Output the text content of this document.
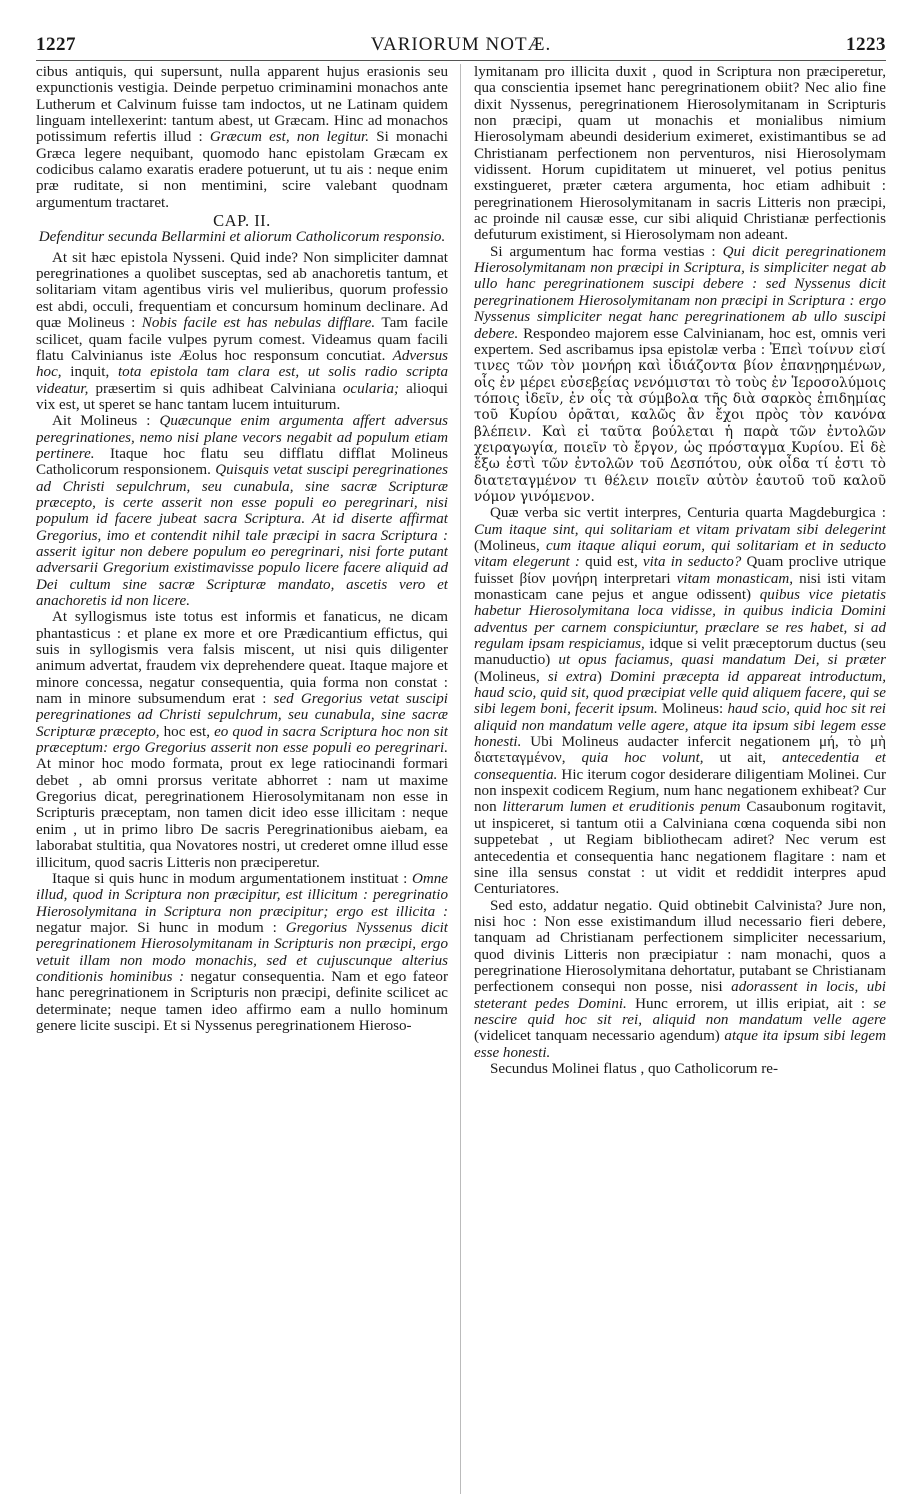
1227	VARIORUM NOTÆ.	1223

cibus antiquis, qui supersunt, nulla apparent hujus erasionis seu expunctionis vestigia. Deinde perpetuo criminamini monachos ante Lutherum et Calvinum fuisse tam indoctos, ut ne Latinam quidem linguam intellexerint: tantum abest, ut Græcam. Hinc ad monachos potissimum refertis illud : Græcum est, non legitur. Si monachi Græca legere nequibant, quomodo hanc epistolam Græcam ex codicibus calamo exaratis eradere potuerunt, ut tu ais : neque enim præ ruditate, si non mentimini, scire valebant quodnam argumentum tractaret.

CAP. II.
Defenditur secunda Bellarmini et aliorum Catholicorum responsio.

At sit hæc epistola Nysseni. Quid inde? Non simpliciter damnat peregrinationes a quolibet susceptas, sed ab anachoretis tantum, et solitariam vitam agentibus viris vel mulieribus, quorum professio est abdi, occuli, frequentiam et concursum hominum declinare. Ad quæ Molineus : Nobis facile est has nebulas difflare. Tam facile scilicet, quam facile vulpes pyrum comest. Videamus quam facili flatu Calvinianus iste Æolus hoc responsum concutiat. Adversus hoc, inquit, tota epistola tam clara est, ut solis radio scripta videatur, præsertim si quis adhibeat Calviniana ocularia; alioqui vix est, ut speret se hanc tantam lucem intuiturum.

Ait Molineus : Quæcunque enim argumenta affert adversus peregrinationes, nemo nisi plane vecors negabit ad populum etiam pertinere. Itaque hoc flatu seu difflatu difflat Molineus Catholicorum responsionem. Quisquis vetat suscipi peregrinationes ad Christi sepulchrum, seu cunabula, sine sacræ Scripturæ præcepto, is certe asserit non esse populi eo peregrinari, nisi populum id facere jubeat sacra Scriptura. At id diserte affirmat Gregorius, imo et contendit nihil tale præcipi in sacra Scriptura : asserit igitur non debere populum eo peregrinari, nisi forte putant adversarii Gregorium existimavisse populo licere facere aliquid ad Dei cultum sine sacræ Scripturæ mandato, ascetis vero et anachoretis id non licere.

At syllogismus iste totus est informis et fanaticus, ne dicam phantasticus : et plane ex more et ore Prædicantium effictus, qui suis in syllogismis vera falsis miscent, ut nisi quis diligenter animum advertat, fraudem vix deprehendere queat. Itaque majore et minore concessa, negatur consequentia, quia forma non constat : nam in minore subsumendum erat : sed Gregorius vetat suscipi peregrinationes ad Christi sepulchrum, seu cunabula, sine sacræ Scripturæ præcepto, hoc est, eo quod in sacra Scriptura hoc non sit præceptum: ergo Gregorius asserit non esse populi eo peregrinari. At minor hoc modo formata, prout ex lege ratiocinandi formari debet , ab omni prorsus veritate abhorret : nam ut maxime Gregorius dicat, peregrinationem Hierosolymitanam non esse in Scripturis præceptam, non tamen dicit ideo esse illicitam : neque enim , ut in primo libro De sacris Peregrinationibus aiebam, ea laborabat stultitia, qua Novatores nostri, ut crederet omne illud esse illicitum, quod sacris Litteris non præciperetur.

Itaque si quis hunc in modum argumentationem instituat : Omne illud, quod in Scriptura non præcipitur, est illicitum : peregrinatio Hierosolymitana in Scriptura non præcipitur; ergo est illicita : negatur major. Si hunc in modum : Gregorius Nyssenus dicit peregrinationem Hierosolymitanam in Scripturis non præcipi, ergo vetuit illam non modo monachis, sed et cujuscunque alterius conditionis hominibus : negatur consequentia. Nam et ego fateor hanc peregrinationem in Scripturis non præcipi, definite scilicet ac determinate; neque tamen ideo affirmo eam a nullo hominum genere licite suscipi. Et si Nyssenus peregrinationem Hieroso-

lymitanam pro illicita duxit , quod in Scriptura non præciperetur, qua conscientia ipsemet hanc peregrinationem obiit? Nec alio fine dixit Nyssenus, peregrinationem Hierosolymitanam in Scripturis non præcipi, quam ut monachis et monialibus nimium Hierosolymam abeundi desiderium eximeret, existimantibus se ad Christianam perfectionem non perventuros, nisi Hierosolymam vidissent. Horum cupiditatem ut minueret, vel potius penitus exstingueret, præter cætera argumenta, hoc etiam adhibuit : peregrinationem Hierosolymitanam in sacris Litteris non præcipi, ac proinde nil causæ esse, cur sibi aliquid Christianæ perfectionis defuturum existiment, si Hierosolymam non adeant.

Si argumentum hac forma vestias : Qui dicit peregrinationem Hierosolymitanam non præcipi in Scriptura, is simpliciter negat ab ullo hanc peregrinationem suscipi debere : sed Nyssenus dicit peregrinationem Hierosolymitanam non præcipi in Scriptura : ergo Nyssenus simpliciter negat hanc peregrinationem ab ullo suscipi debere. Respondeo majorem esse Calvinianam, hoc est, omnis veri expertem. Sed ascribamus ipsa epistolæ verba : Ἐπεὶ τοίνυν εἰσί τινες τῶν τὸν μονήρη καὶ ἰδιάζοντα βίον ἐπανῃρημένων, οἷς ἐν μέρει εὐσεβείας νενόμισται τὸ τοὺς ἐν Ἱεροσολύμοις τόποις ἰδεῖν, ἐν οἷς τὰ σύμβολα τῆς διὰ σαρκὸς ἐπιδημίας τοῦ Κυρίου ὁρᾶται, καλῶς ἂν ἔχοι πρὸς τὸν κανόνα βλέπειν. Καὶ εἰ ταῦτα βούλεται ἡ παρὰ τῶν ἐντολῶν χειραγωγία, ποιεῖν τὸ ἔργον, ὡς πρόσταγμα Κυρίου. Εἰ δὲ ἔξω ἐστὶ τῶν ἐντολῶν τοῦ Δεσπότου, οὐκ οἶδα τί ἐστι τὸ διατεταγμένον τι θέλειν ποιεῖν αὐτὸν ἑαυτοῦ τοῦ καλοῦ νόμον γινόμενον.

Quæ verba sic vertit interpres, Centuria quarta Magdeburgica : Cum itaque sint, qui solitariam et vitam privatam sibi delegerint (Molineus, cum itaque aliqui eorum, qui solitariam et in seducto vitam elegerunt : quid est, vita in seducto? Quam proclive utrique fuisset βίον μονήρη interpretari vitam monasticam, nisi isti vitam monasticam cane pejus et angue odissent) quibus vice pietatis habetur Hierosolymitana loca vidisse, in quibus indicia Domini adventus per carnem conspiciuntur, præclare se res habet, si ad regulam ipsam respiciamus, idque si velit præceptorum ductus (seu manuductio) ut opus faciamus, quasi mandatum Dei, si præter (Molineus, si extra) Domini præcepta id appareat introductum, haud scio, quid sit, quod præcipiat velle quid aliquem facere, qui se sibi legem boni, fecerit ipsum. Molineus: haud scio, quid hoc sit rei aliquid non mandatum velle agere, atque ita ipsum sibi legem esse honesti. Ubi Molineus audacter infercit negationem μή, τὸ μὴ διατεταγμένον, quia hoc volunt, ut ait, antecedentia et consequentia. Hic iterum cogor desiderare diligentiam Molinei. Cur non inspexit codicem Regium, num hanc negationem exhibeat? Cur non litterarum lumen et eruditionis penum Casaubonum rogitavit, ut inspiceret, si tantum otii a Calviniana cœna coquenda sibi non suppetebat , ut Regiam bibliothecam adiret? Nec verum est antecedentia et consequentia hanc negationem flagitare : nam et sine illa sensus constat : ut vidit et reddidit interpres apud Centuriatores.

Sed esto, addatur negatio. Quid obtinebit Calvinista? Jure non, nisi hoc : Non esse existimandum illud necessario fieri debere, tanquam ad Christianam perfectionem simpliciter necessarium, quod divinis Litteris non præcipiatur : nam monachi, quos a peregrinatione Hierosolymitana dehortatur, putabant se Christianam perfectionem consequi non posse, nisi adorassent in locis, ubi steterant pedes Domini. Hunc errorem, ut illis eripiat, ait : se nescire quid hoc sit rei, aliquid non mandatum velle agere (videlicet tanquam necessario agendum) atque ita ipsum sibi legem esse honesti.

Secundus Molinei flatus , quo Catholicorum re-
